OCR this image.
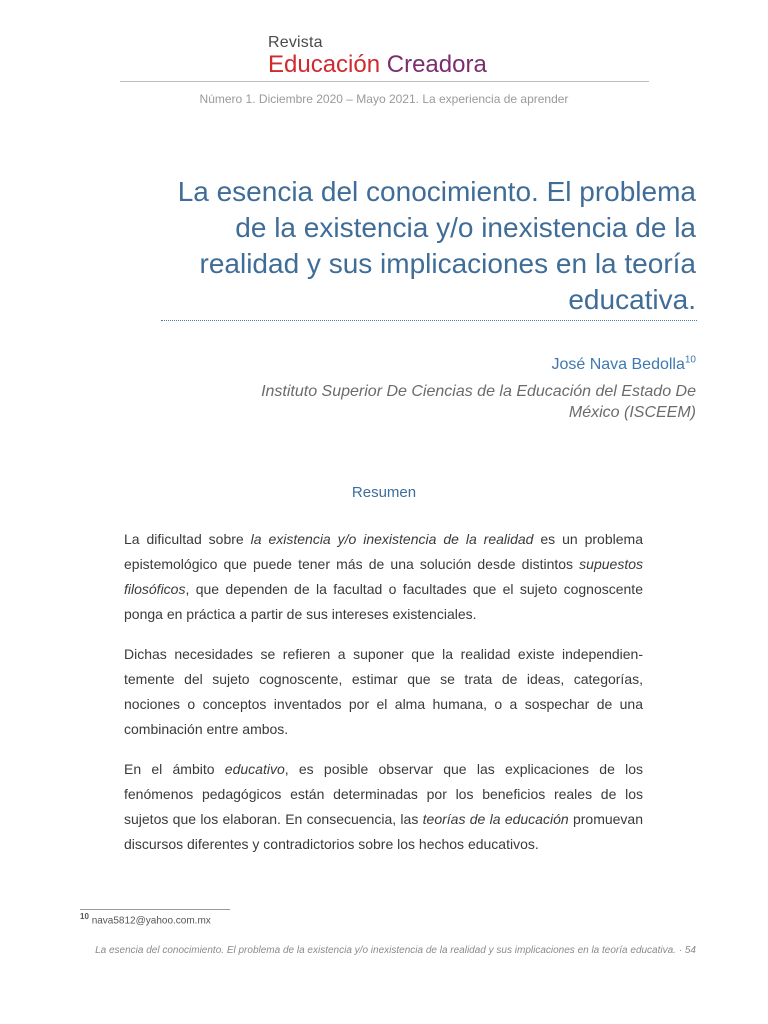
Revista
Educación Creadora
Número 1. Diciembre 2020 – Mayo 2021. La experiencia de aprender
La esencia del conocimiento. El problema de la existencia y/o inexistencia de la realidad y sus implicaciones en la teoría educativa.
José Nava Bedolla$^{10}$
Instituto Superior De Ciencias de la Educación del Estado De México (ISCEEM)
Resumen

La dificultad sobre la existencia y/o inexistencia de la realidad es un problema epistemológico que puede tener más de una solución desde distintos supuestos filosóficos, que dependen de la facultad o facultades que el sujeto cognoscente ponga en práctica a partir de sus intereses existenciales.

Dichas necesidades se refieren a suponer que la realidad existe independien-temente del sujeto cognoscente, estimar que se trata de ideas, categorías, nociones o conceptos inventados por el alma humana, o a sospechar de una combinación entre ambos.

En el ámbito educativo, es posible observar que las explicaciones de los fenómenos pedagógicos están determinadas por los beneficios reales de los sujetos que los elaboran. En consecuencia, las teorías de la educación promuevan discursos diferentes y contradictorios sobre los hechos educativos.

$^{10}$ nava5812@yahoo.com.mx
La esencia del conocimiento. El problema de la existencia y/o inexistencia de la realidad y sus implicaciones en la teoría educativa. · 54
